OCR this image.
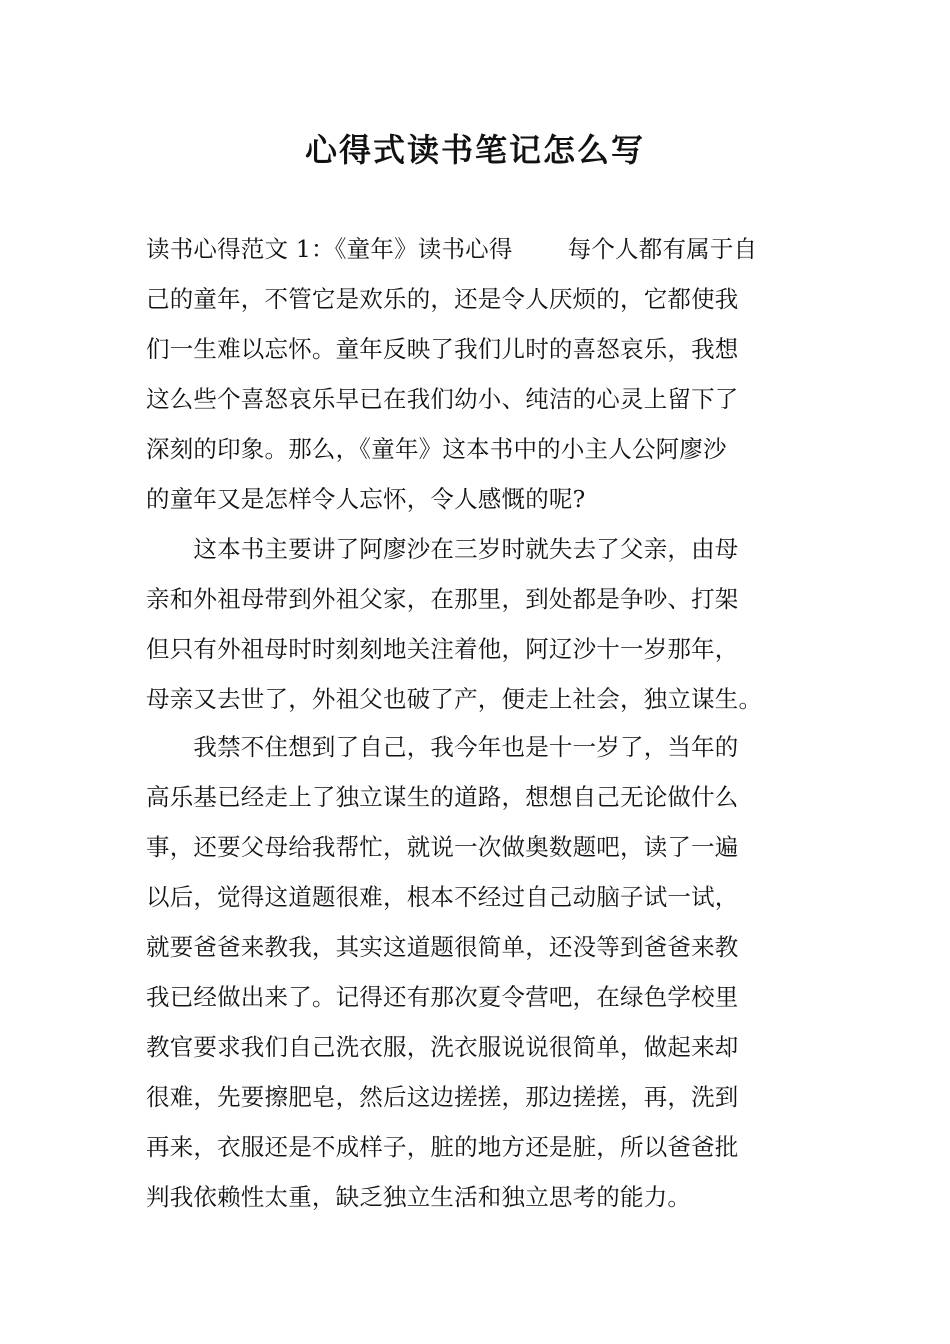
心得式读书笔记怎么写
读书心得范文 1：《童年》读书心得　　 每个人都有属于自
己的童年，不管它是欢乐的，还是令人厌烦的，它都使我
们一生难以忘怀。童年反映了我们儿时的喜怒哀乐，我想
这么些个喜怒哀乐早已在我们幼小、纯洁的心灵上留下了
深刻的印象。那么，《童年》这本书中的小主人公阿廖沙
的童年又是怎样令人忘怀，令人感慨的呢?
　　这本书主要讲了阿廖沙在三岁时就失去了父亲，由母
亲和外祖母带到外祖父家，在那里，到处都是争吵、打架
但只有外祖母时时刻刻地关注着他，阿辽沙十一岁那年，
母亲又去世了，外祖父也破了产，便走上社会，独立谋生。
　　我禁不住想到了自己，我今年也是十一岁了，当年的
高乐基已经走上了独立谋生的道路，想想自己无论做什么
事，还要父母给我帮忙，就说一次做奥数题吧，读了一遍
以后，觉得这道题很难，根本不经过自己动脑子试一试，
就要爸爸来教我，其实这道题很简单，还没等到爸爸来教
我已经做出来了。记得还有那次夏令营吧，在绿色学校里
教官要求我们自己洗衣服，洗衣服说说很简单，做起来却
很难，先要擦肥皂，然后这边搓搓，那边搓搓，再，洗到
再来，衣服还是不成样子，脏的地方还是脏，所以爸爸批
判我依赖性太重，缺乏独立生活和独立思考的能力。
